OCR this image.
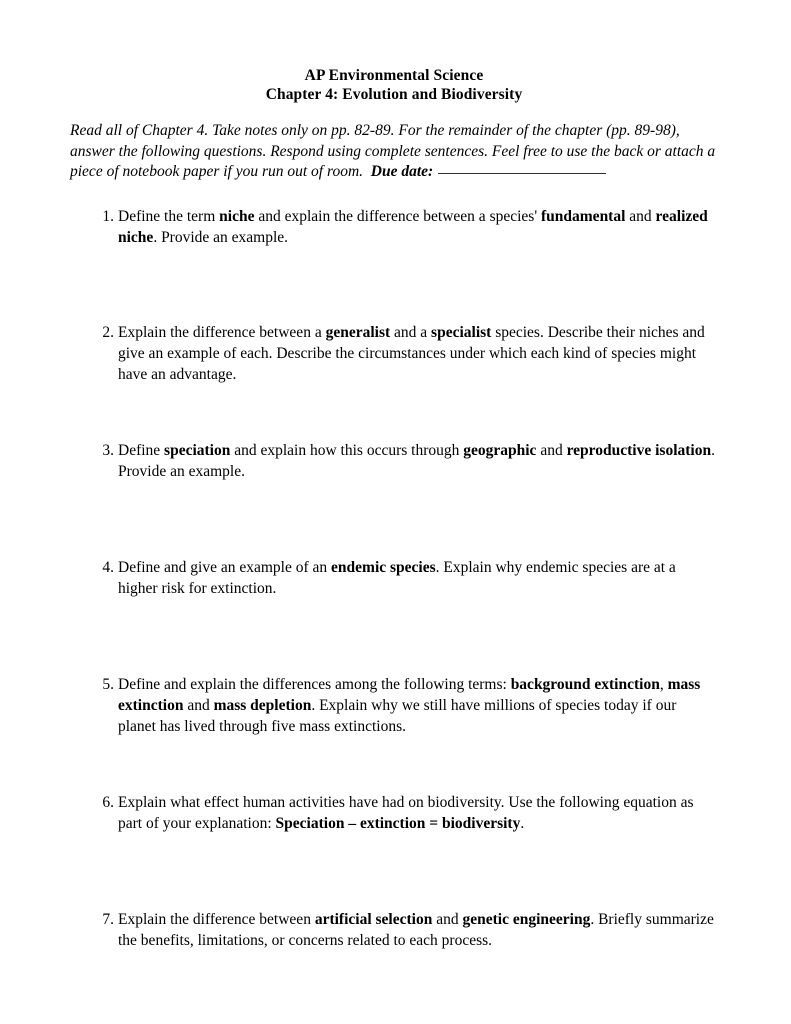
AP Environmental Science
Chapter 4: Evolution and Biodiversity

Read all of Chapter 4. Take notes only on pp. 82-89. For the remainder of the chapter (pp. 89-98), answer the following questions. Respond using complete sentences. Feel free to use the back or attach a piece of notebook paper if you run out of room. Due date:

1. Define the term niche and explain the difference between a species' fundamental and realized niche. Provide an example.
2. Explain the difference between a generalist and a specialist species. Describe their niches and give an example of each. Describe the circumstances under which each kind of species might have an advantage.
3. Define speciation and explain how this occurs through geographic and reproductive isolation. Provide an example.
4. Define and give an example of an endemic species. Explain why endemic species are at a higher risk for extinction.
5. Define and explain the differences among the following terms: background extinction, mass extinction and mass depletion. Explain why we still have millions of species today if our planet has lived through five mass extinctions.
6. Explain what effect human activities have had on biodiversity. Use the following equation as part of your explanation: Speciation – extinction = biodiversity.
7. Explain the difference between artificial selection and genetic engineering. Briefly summarize the benefits, limitations, or concerns related to each process.
